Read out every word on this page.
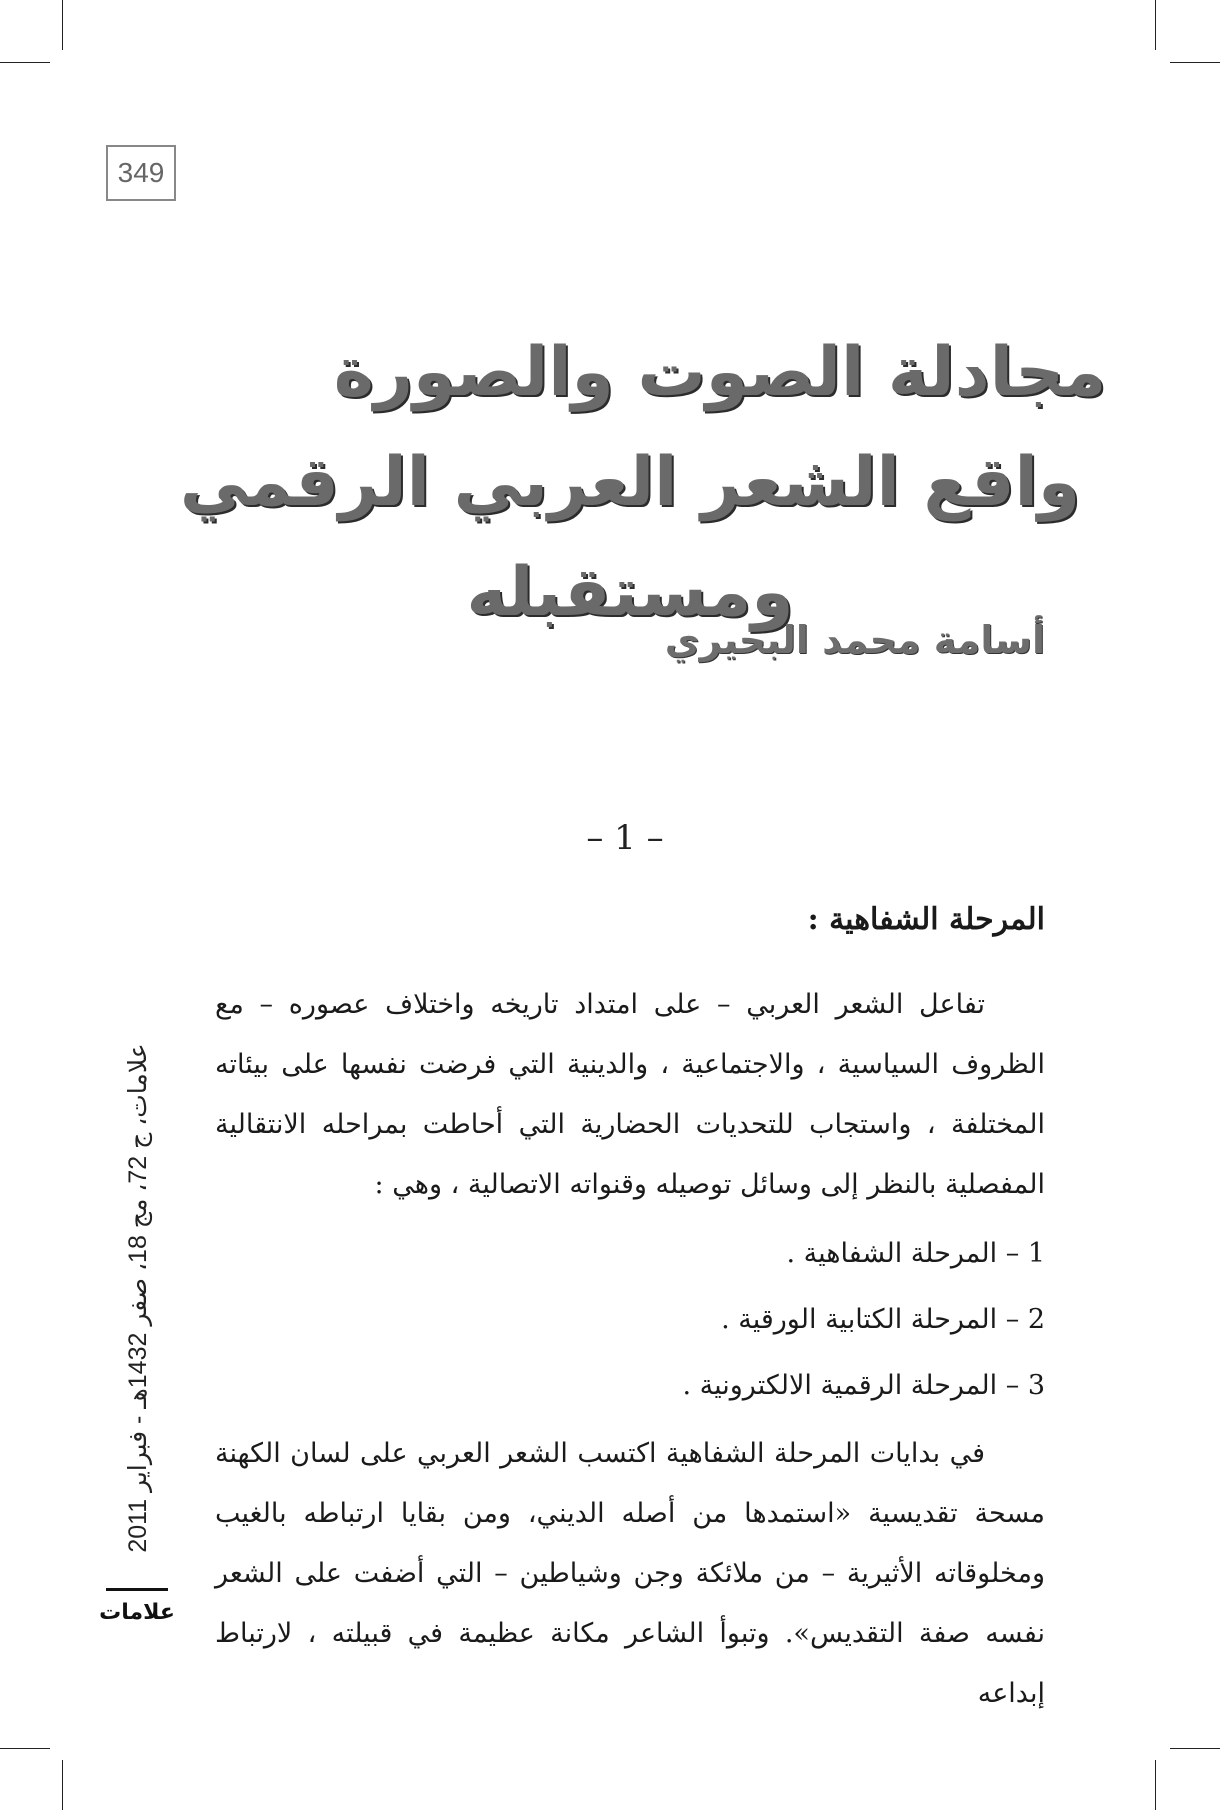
349
مجادلة الصوت والصورة
واقع الشعر العربي الرقمي ومستقبله
أسامة محمد البحيري
– 1 –
المرحلة الشفاهية :

تفاعل الشعر العربي – على امتداد تاريخه واختلاف عصوره – مع الظروف السياسية ، والاجتماعية ، والدينية التي فرضت نفسها على بيئاته المختلفة ، واستجاب للتحديات الحضارية التي أحاطت بمراحله الانتقالية المفصلية بالنظر إلى وسائل توصيله وقنواته الاتصالية ، وهي :

1 – المرحلة الشفاهية .
2 – المرحلة الكتابية الورقية .
3 – المرحلة الرقمية الالكترونية .

في بدايات المرحلة الشفاهية اكتسب الشعر العربي على لسان الكهنة مسحة تقديسية «استمدها من أصله الديني، ومن بقايا ارتباطه بالغيب ومخلوقاته الأثيرية – من ملائكة وجن وشياطين – التي أضفت على الشعر نفسه صفة التقديس». وتبوأ الشاعر مكانة عظيمة في قبيلته ، لارتباط إبداعه

علامات، ج 72، مج 18، صفر 1432هـ - فبراير 2011
علامات
